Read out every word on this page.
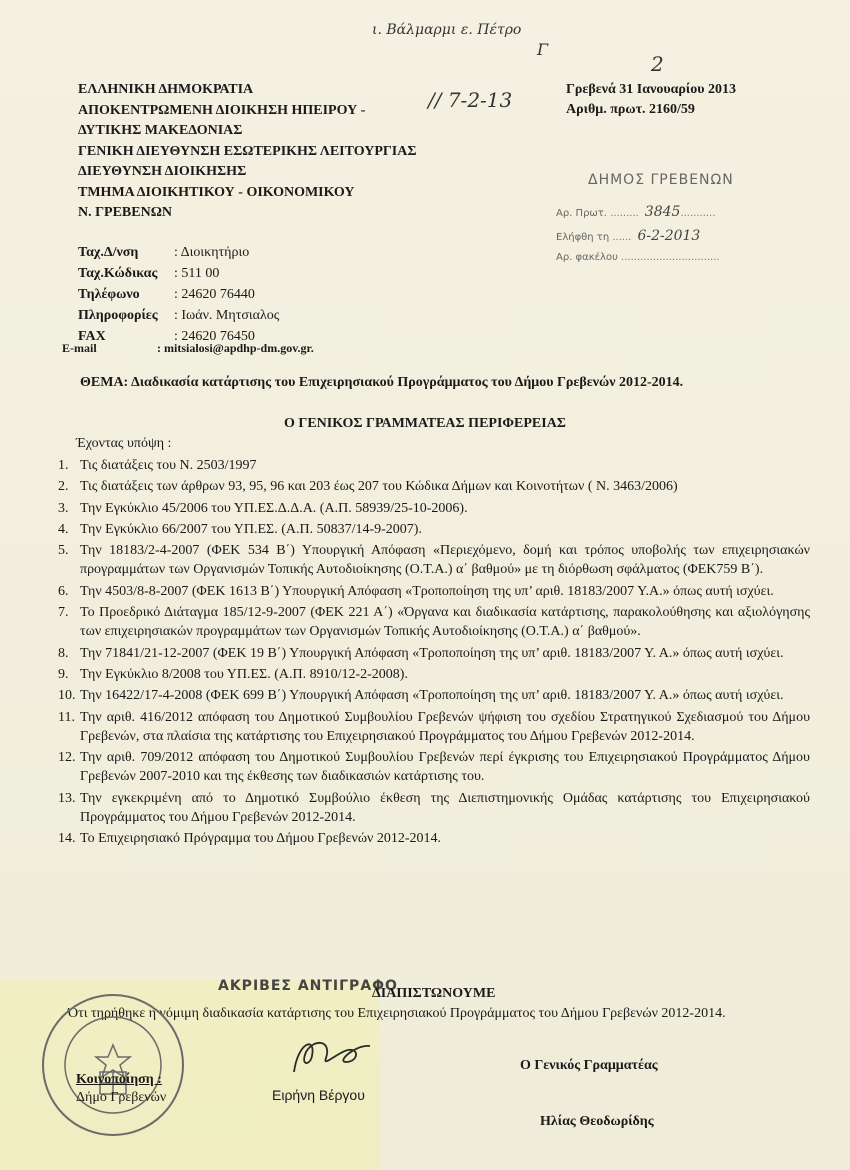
ι. Βάλμαρμι ε. Πέτρο
Γ
2
// 7-2-13
ΕΛΛΗΝΙΚΗ ΔΗΜΟΚΡΑΤΙΑ
ΑΠΟΚΕΝΤΡΩΜΕΝΗ ΔΙΟΙΚΗΣΗ ΗΠΕΙΡΟΥ -
ΔΥΤΙΚΗΣ ΜΑΚΕΔΟΝΙΑΣ
ΓΕΝΙΚΗ ΔΙΕΥΘΥΝΣΗ ΕΣΩΤΕΡΙΚΗΣ ΛΕΙΤΟΥΡΓΙΑΣ
ΔΙΕΥΘΥΝΣΗ ΔΙΟΙΚΗΣΗΣ
ΤΜΗΜΑ ΔΙΟΙΚΗΤΙΚΟΥ - ΟΙΚΟΝΟΜΙΚΟΥ
Ν. ΓΡΕΒΕΝΩΝ
Γρεβενά 31 Ιανουαρίου 2013
Αριθμ. πρωτ. 2160/59
ΔΗΜΟΣ ΓΡΕΒΕΝΩΝ
Αρ. Πρωτ. ......... 3845...........
Ελήφθη τη ...... 6-2-2013
Αρ. φακέλου ...............................
Ταχ.Δ/νση	: Διοικητήριο
Ταχ.Κώδικας	: 511 00
Τηλέφωνο	: 24620 76440
Πληροφορίες	: Ιωάν. Μητσιαλος
FAX	: 24620 76450
E-mail	: mitsialosi@apdhp-dm.gov.gr.
ΘΕΜΑ: Διαδικασία κατάρτισης του Επιχειρησιακού Προγράμματος του Δήμου Γρεβενών 2012-2014.
Ο ΓΕΝΙΚΟΣ ΓΡΑΜΜΑΤΕΑΣ ΠΕΡΙΦΕΡΕΙΑΣ
Έχοντας υπόψη :
1. Τις διατάξεις του Ν. 2503/1997
2. Τις διατάξεις των άρθρων 93, 95, 96 και 203 έως 207 του Κώδικα Δήμων και Κοινοτήτων ( Ν. 3463/2006)
3. Την Εγκύκλιο 45/2006 του ΥΠ.ΕΣ.Δ.Δ.Α. (Α.Π. 58939/25-10-2006).
4. Την Εγκύκλιο 66/2007 του ΥΠ.ΕΣ. (Α.Π. 50837/14-9-2007).
5. Την 18183/2-4-2007 (ΦΕΚ 534 Β΄) Υπουργική Απόφαση «Περιεχόμενο, δομή και τρόπος υποβολής των επιχειρησιακών προγραμμάτων των Οργανισμών Τοπικής Αυτοδιοίκησης (Ο.Τ.Α.) α΄ βαθμού» με τη διόρθωση σφάλματος (ΦΕΚ759 Β΄).
6. Την 4503/8-8-2007 (ΦΕΚ 1613 Β΄) Υπουργική Απόφαση «Τροποποίηση της υπ’ αριθ. 18183/2007 Υ.Α.» όπως αυτή ισχύει.
7. Το Προεδρικό Διάταγμα 185/12-9-2007 (ΦΕΚ 221 Α΄) «Όργανα και διαδικασία κατάρτισης, παρακολούθησης και αξιολόγησης των επιχειρησιακών προγραμμάτων των Οργανισμών Τοπικής Αυτοδιοίκησης (Ο.Τ.Α.) α΄ βαθμού».
8. Την 71841/21-12-2007 (ΦΕΚ 19 Β΄) Υπουργική Απόφαση «Τροποποίηση της υπ’ αριθ. 18183/2007 Υ. Α.» όπως αυτή ισχύει.
9. Την Εγκύκλιο 8/2008 του ΥΠ.ΕΣ. (Α.Π. 8910/12-2-2008).
10. Την 16422/17-4-2008 (ΦΕΚ 699 Β΄) Υπουργική Απόφαση «Τροποποίηση της υπ’ αριθ. 18183/2007 Υ. Α.» όπως αυτή ισχύει.
11. Την αριθ. 416/2012 απόφαση του Δημοτικού Συμβουλίου Γρεβενών ψήφιση του σχεδίου Στρατηγικού Σχεδιασμού του Δήμου Γρεβενών, στα πλαίσια της κατάρτισης του Επιχειρησιακού Προγράμματος του Δήμου Γρεβενών 2012-2014.
12. Την αριθ. 709/2012 απόφαση του Δημοτικού Συμβουλίου Γρεβενών περί έγκρισης του Επιχειρησιακού Προγράμματος Δήμου Γρεβενών 2007-2010 και της έκθεσης των διαδικασιών κατάρτισης του.
13. Την εγκεκριμένη από το Δημοτικό Συμβούλιο έκθεση της Διεπιστημονικής Ομάδας κατάρτισης του Επιχειρησιακού Προγράμματος του Δήμου Γρεβενών 2012-2014.
14. Το Επιχειρησιακό Πρόγραμμα του Δήμου Γρεβενών 2012-2014.
ΑΚΡΙΒΕΣ ΑΝΤΙΓΡΑΦΟ
ΔΙΑΠΙΣΤΩΝΟΥΜΕ
Ότι τηρήθηκε η νόμιμη διαδικασία κατάρτισης του Επιχειρησιακού Προγράμματος του Δήμου Γρεβενών 2012-2014.
Ειρήνη Βέργου
Ο Γενικός Γραμματέας
Ηλίας Θεοδωρίδης
Κοινοποίηση :
Δήμο Γρεβενών
